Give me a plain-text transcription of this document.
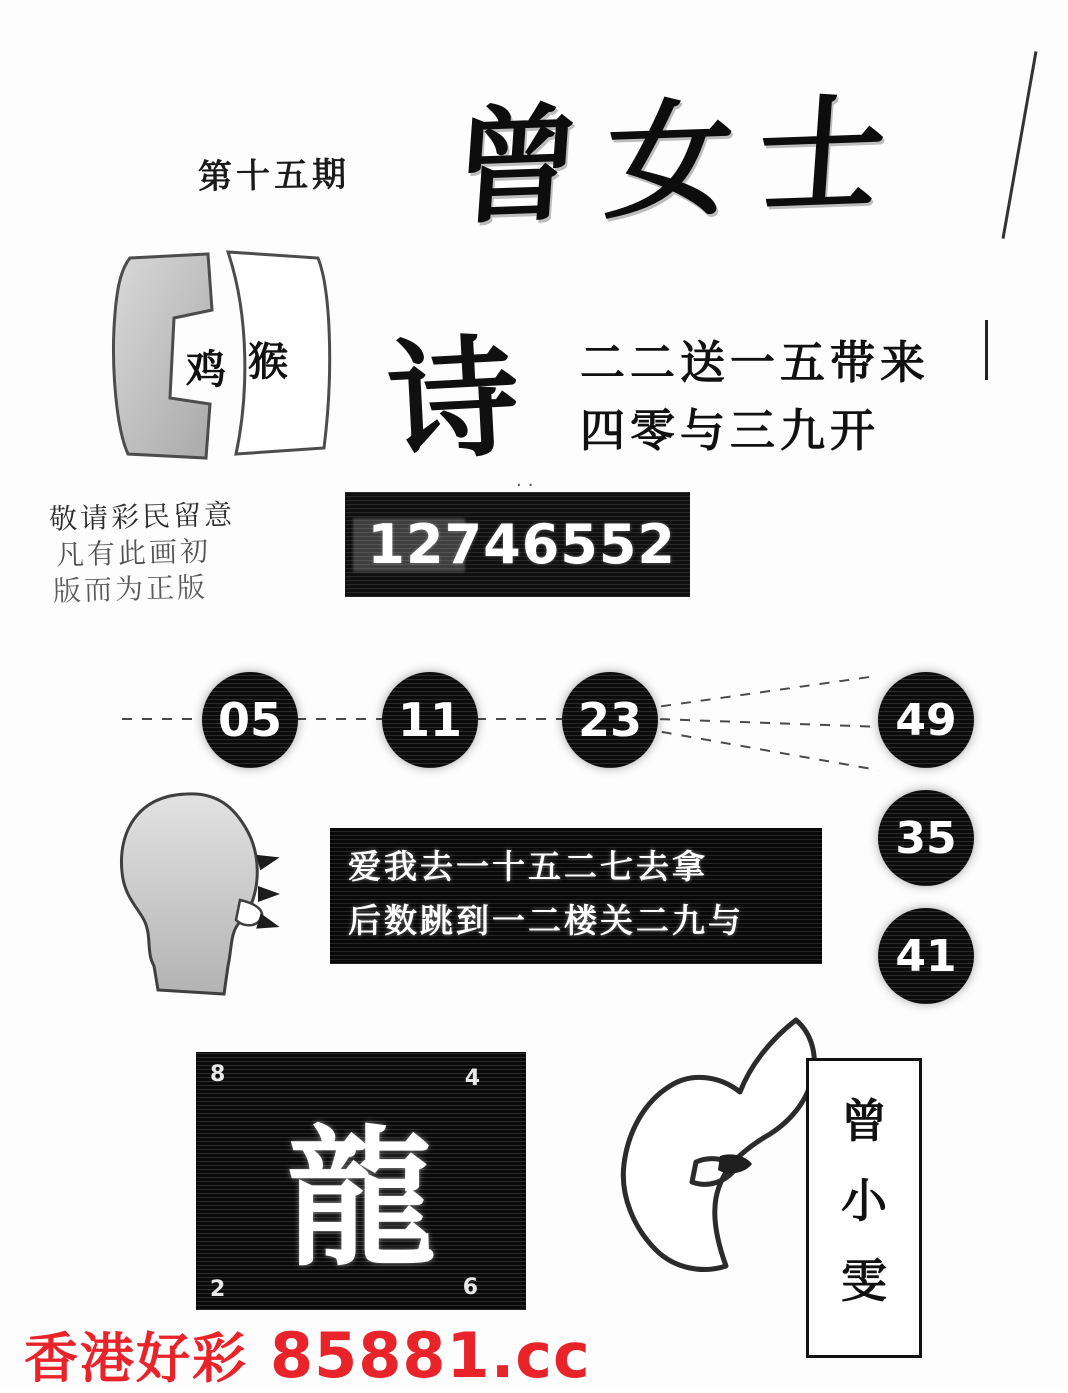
第十五期 曾女士
鸡 猴 诗 二二送一五带来
四零与三九开
敬请彩民留意
凡有此画初
版而为正版
..
12746552
05	11	23	49
35
41
爱我去一十五二七去拿
后数跳到一二楼关二九与
8	4
2	6
龍	曾
小
雯
香港好彩 85881.cc
